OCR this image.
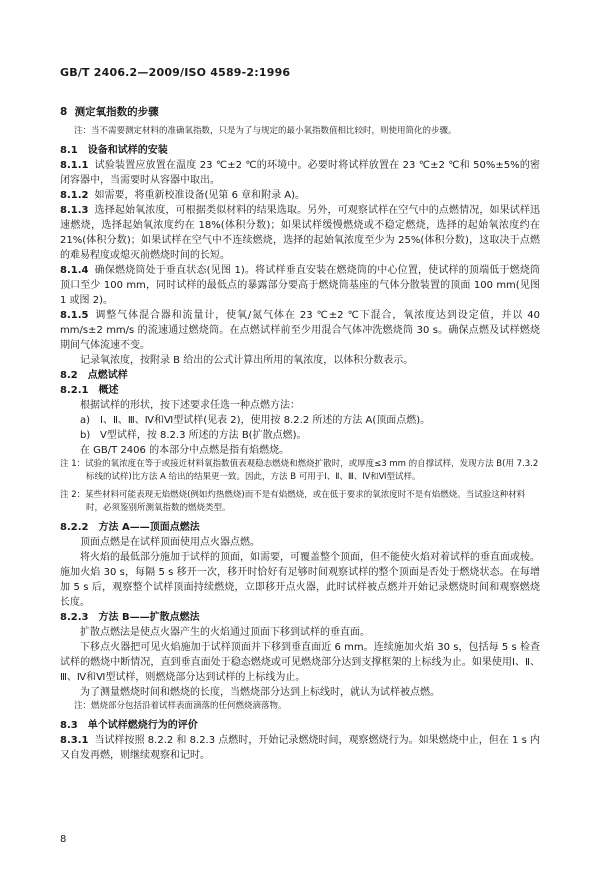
GB/T 2406.2—2009/ISO 4589-2:1996

8 测定氧指数的步骤

注：当不需要测定材料的准确氧指数，只是为了与规定的最小氧指数值相比较时，则使用简化的步骤。

8.1　设备和试样的安装

8.1.1 试验装置应放置在温度 23 ℃±2 ℃的环境中。必要时将试样放置在 23 ℃±2 ℃和 50%±5%的密闭容器中，当需要时从容器中取出。

8.1.2 如需要，将重新校准设备(见第 6 章和附录 A)。

8.1.3 选择起始氧浓度，可根据类似材料的结果选取。另外，可观察试样在空气中的点燃情况，如果试样迅速燃烧，选择起始氧浓度约在 18%(体积分数)；如果试样缓慢燃烧或不稳定燃烧，选择的起始氧浓度约在 21%(体积分数)；如果试样在空气中不连续燃烧，选择的起始氧浓度至少为 25%(体积分数)，这取决于点燃的难易程度或熄灭前燃烧时间的长短。

8.1.4 确保燃烧筒处于垂直状态(见图 1)。将试样垂直安装在燃烧筒的中心位置，使试样的顶端低于燃烧筒顶口至少 100 mm，同时试样的最低点的暴露部分要高于燃烧筒基座的气体分散装置的顶面 100 mm(见图 1 或图 2)。

8.1.5 调整气体混合器和流量计，使氧/氮气体在 23 ℃±2 ℃下混合，氧浓度达到设定值，并以 40 mm/s±2 mm/s 的流速通过燃烧筒。在点燃试样前至少用混合气体冲洗燃烧筒 30 s。确保点燃及试样燃烧期间气体流速不变。

记录氧浓度，按附录 B 给出的公式计算出所用的氧浓度，以体积分数表示。

8.2　点燃试样

8.2.1　概述

根据试样的形状，按下述要求任选一种点燃方法：

a) Ⅰ、Ⅱ、Ⅲ、Ⅳ和Ⅵ型试样(见表 2)，使用按 8.2.2 所述的方法 A(顶面点燃)。

b) Ⅴ型试样，按 8.2.3 所述的方法 B(扩散点燃)。

在 GB/T 2406 的本部分中点燃是指有焰燃烧。

注 1：试验的氧浓度在等于或接近材料氧指数值表观稳态燃烧和燃烧扩散时，或厚度≤3 mm 的自撑试样，发现方法 B(用 7.3.2 标线的试样)比方法 A 给出的结果更一致。因此，方法 B 可用于Ⅰ、Ⅱ、Ⅲ、Ⅳ和Ⅵ型试样。

注 2：某些材料可能表现无焰燃烧(例如灼热燃烧)而不是有焰燃烧，或在低于要求的氧浓度时不是有焰燃烧。当试验这种材料时，必须鉴别所测氧指数的燃烧类型。

8.2.2　方法 A——顶面点燃法

顶面点燃是在试样顶面使用点火器点燃。

将火焰的最低部分施加于试样的顶面，如需要，可覆盖整个顶面，但不能使火焰对着试样的垂直面或棱。施加火焰 30 s，每隔 5 s 移开一次，移开时恰好有足够时间观察试样的整个顶面是否处于燃烧状态。在每增加 5 s 后，观察整个试样顶面持续燃烧，立即移开点火器，此时试样被点燃并开始记录燃烧时间和观察燃烧长度。

8.2.3　方法 B——扩散点燃法

扩散点燃法是使点火器产生的火焰通过顶面下移到试样的垂直面。

下移点火器把可见火焰施加于试样顶面并下移到垂直面近 6 mm。连续施加火焰 30 s，包括每 5 s 检查试样的燃烧中断情况，直到垂直面处于稳态燃烧或可见燃烧部分达到支撑框架的上标线为止。如果使用Ⅰ、Ⅱ、Ⅲ、Ⅳ和Ⅵ型试样，则燃烧部分达到试样的上标线为止。

为了测量燃烧时间和燃烧的长度，当燃烧部分达到上标线时，就认为试样被点燃。

注：燃烧部分包括沿着试样表面滴落的任何燃烧滴落物。

8.3　单个试样燃烧行为的评价

8.3.1 当试样按照 8.2.2 和 8.2.3 点燃时，开始记录燃烧时间，观察燃烧行为。如果燃烧中止，但在 1 s 内又自发再燃，则继续观察和记时。

8
